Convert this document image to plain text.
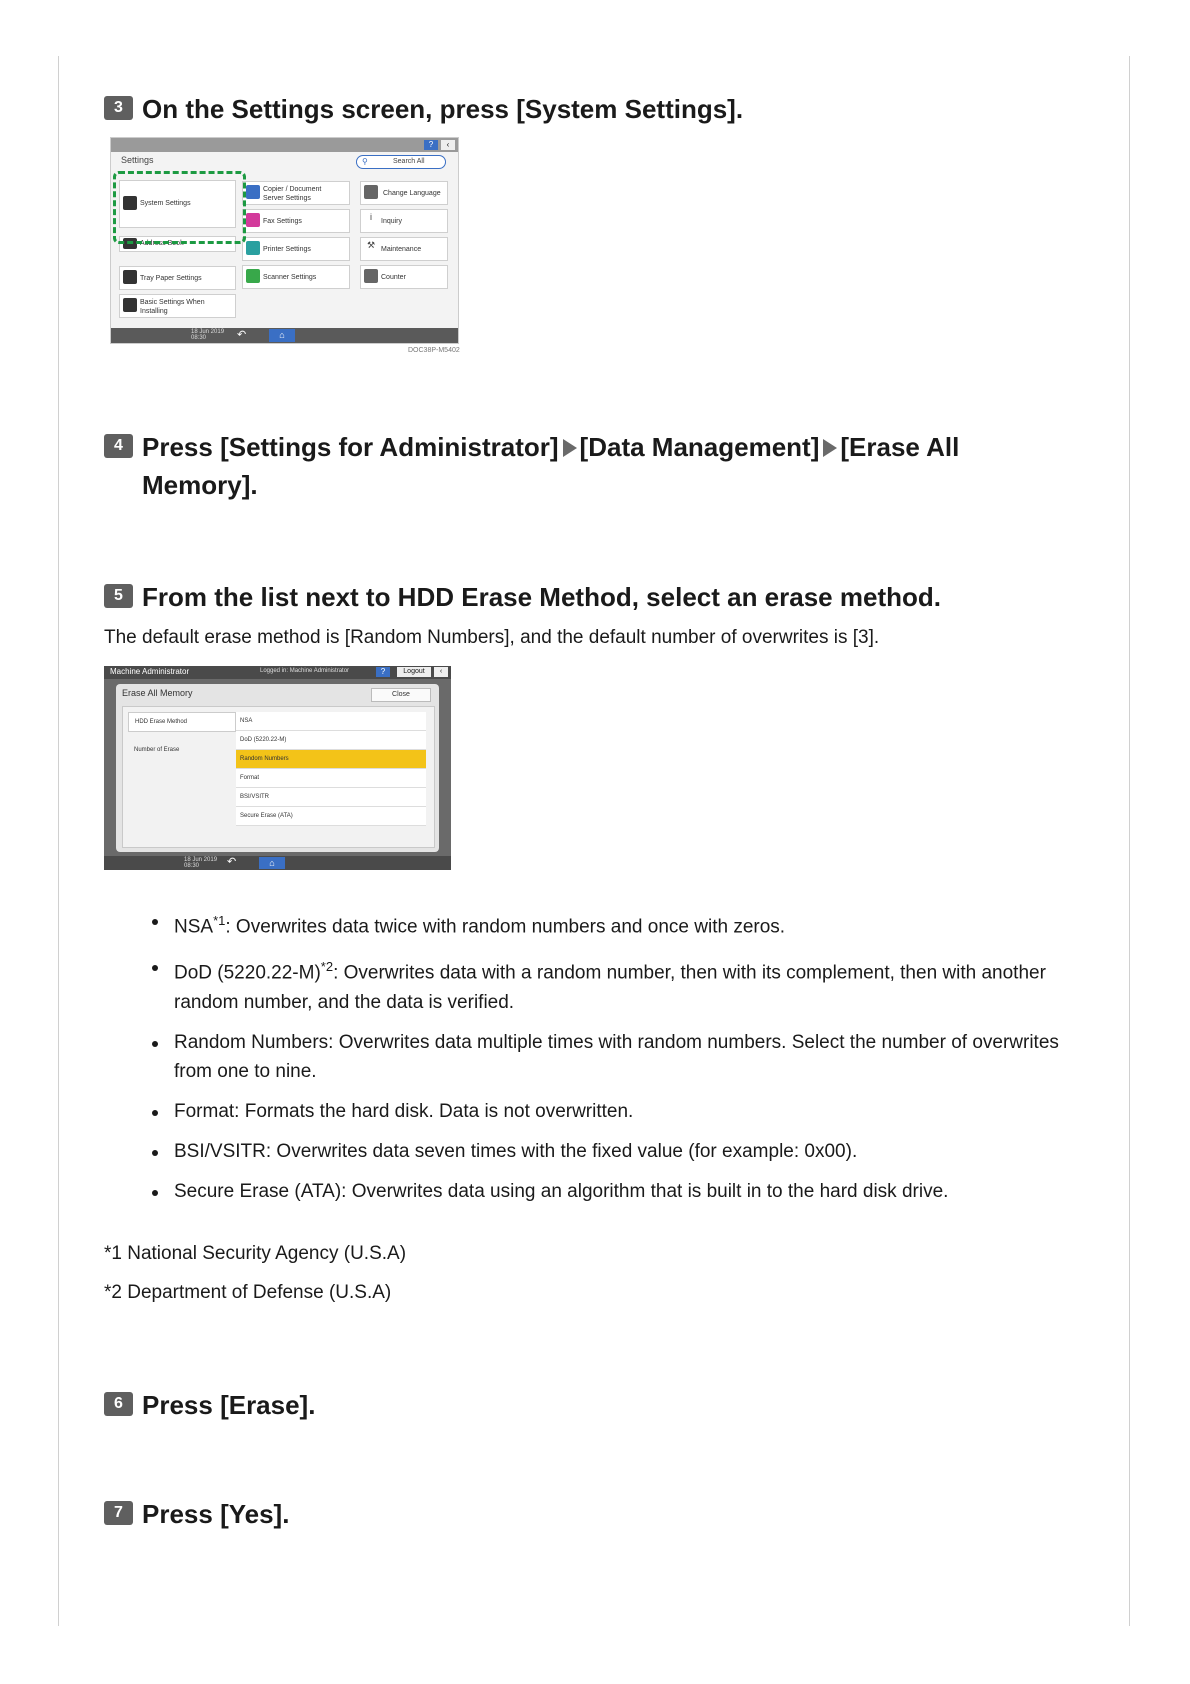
3 On the Settings screen, press [System Settings].
?	‹
Settings	⚲	Search All
System Settings
Address Book
Tray Paper Settings
Basic Settings When Installing
Copier / Document Server Settings
Fax Settings
Printer Settings
Scanner Settings
Change Language
i	Inquiry
⚒ Maintenance
Counter
18 Jun 2019
08:30	↶	⌂
DOC38P-M5402
4 Press [Settings for Administrator] [Data Management] [Erase All Memory].
5 From the list next to HDD Erase Method, select an erase method.
The default erase method is [Random Numbers], and the default number of overwrites is [3].
Machine Administrator	Logged in: Machine Administrator	?	Logout	‹
Erase All Memory	Close
HDD Erase Method
Number of Erase
NSA
DoD (5220.22-M)
Random Numbers
Format
BSI/VSITR
Secure Erase (ATA)
18 Jun 2019
08:30	↶	⌂
NSA$^{*1}$: Overwrites data twice with random numbers and once with zeros.
DoD $(5220.22-M)^{*2}$: Overwrites data with a random number, then with its complement, then with another random number, and the data is verified.
Random Numbers: Overwrites data multiple times with random numbers. Select the number of overwrites from one to nine.
Format: Formats the hard disk. Data is not overwritten.
BSI/VSITR: Overwrites data seven times with the fixed value (for example: 0x00).
Secure Erase (ATA): Overwrites data using an algorithm that is built in to the hard disk drive.
*1 National Security Agency (U.S.A)
*2 Department of Defense (U.S.A)
6 Press [Erase].
7 Press [Yes].
